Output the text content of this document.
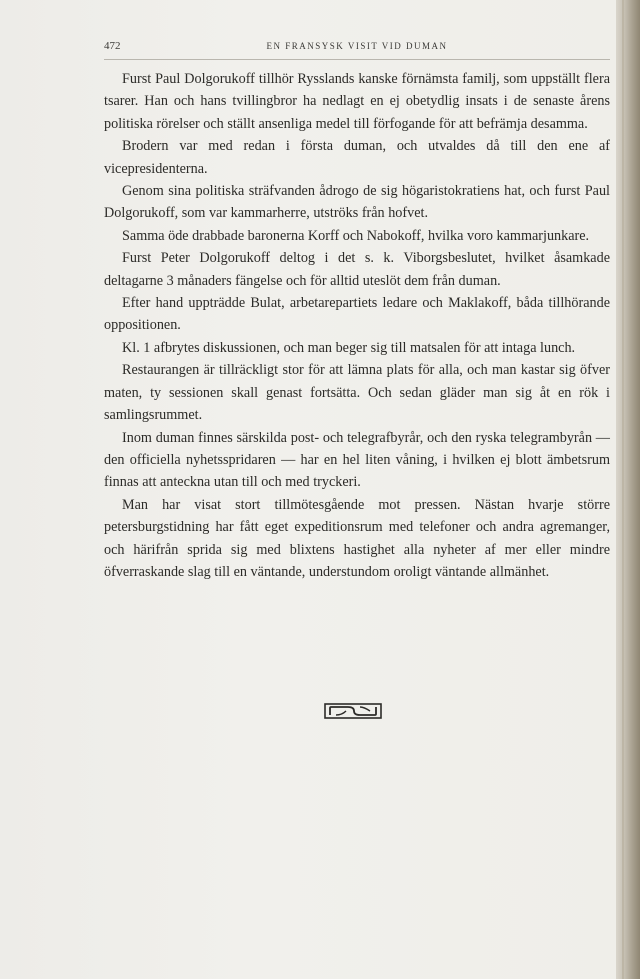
472	EN FRANSYSK VISIT VID DUMAN

Furst Paul Dolgorukoff tillhör Rysslands kanske förnämsta familj, som uppställt flera tsarer. Han och hans tvillingbror ha nedlagt en ej obetydlig insats i de senaste årens politiska rörelser och ställt ansenliga medel till förfogande för att befrämja desamma.

Brodern var med redan i första duman, och utvaldes då till den ene af vicepresidenterna.

Genom sina politiska sträfvanden ådrogo de sig högaristokratiens hat, och furst Paul Dolgorukoff, som var kammarherre, utströks från hofvet.

Samma öde drabbade baronerna Korff och Nabokoff, hvilka voro kammarjunkare.

Furst Peter Dolgorukoff deltog i det s. k. Viborgsbeslutet, hvilket åsamkade deltagarne 3 månaders fängelse och för alltid uteslöt dem från duman.

Efter hand uppträdde Bulat, arbetarepartiets ledare och Maklakoff, båda tillhörande oppositionen.

Kl. 1 afbrytes diskussionen, och man beger sig till matsalen för att intaga lunch.

Restaurangen är tillräckligt stor för att lämna plats för alla, och man kastar sig öfver maten, ty sessionen skall genast fortsätta. Och sedan gläder man sig åt en rök i samlingsrummet.

Inom duman finnes särskilda post- och telegrafbyrår, och den ryska telegrambyrån — den officiella nyhetsspridaren — har en hel liten våning, i hvilken ej blott ämbetsrum finnas att anteckna utan till och med tryckeri.

Man har visat stort tillmötesgående mot pressen. Nästan hvarje större petersburgstidning har fått eget expeditionsrum med telefoner och andra agremanger, och härifrån sprida sig med blixtens hastighet alla nyheter af mer eller mindre öfverraskande slag till en väntande, understundom oroligt väntande allmänhet.
